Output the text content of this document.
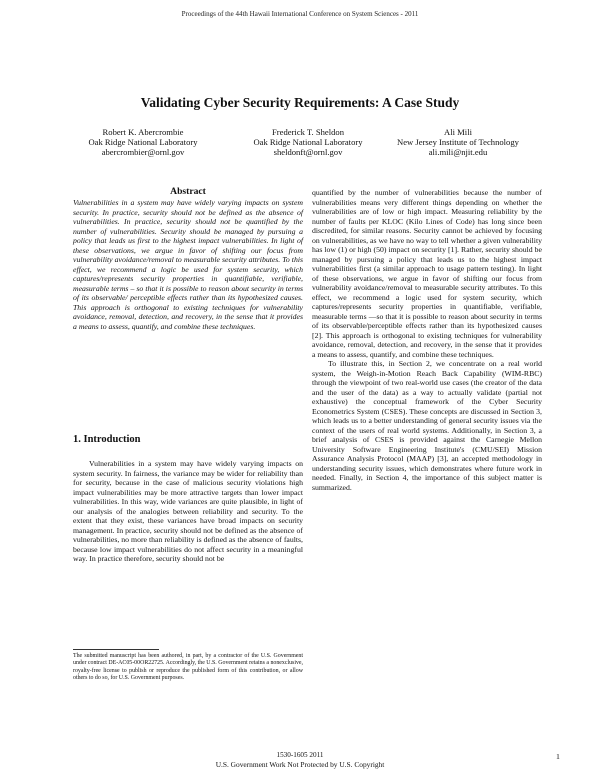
Proceedings of the 44th Hawaii International Conference on System Sciences - 2011
Validating Cyber Security Requirements: A Case Study
Robert K. Abercrombie
Oak Ridge National Laboratory
abercrombier@ornl.gov
Frederick T. Sheldon
Oak Ridge National Laboratory
sheldonft@ornl.gov
Ali Mili
New Jersey Institute of Technology
ali.mili@njit.edu
Abstract
Vulnerabilities in a system may have widely varying impacts on system security. In practice, security should not be defined as the absence of vulnerabilities. In practice, security should not be quantified by the number of vulnerabilities. Security should be managed by pursuing a policy that leads us first to the highest impact vulnerabilities. In light of these observations, we argue in favor of shifting our focus from vulnerability avoidance/removal to measurable security attributes. To this effect, we recommend a logic be used for system security, which captures/represents security properties in quantifiable, verifiable, measurable terms – so that it is possible to reason about security in terms of its observable/ perceptible effects rather than its hypothesized causes. This approach is orthogonal to existing techniques for vulnerability avoidance, removal, detection, and recovery, in the sense that it provides a means to assess, quantify, and combine these techniques.
1. Introduction
Vulnerabilities in a system may have widely varying impacts on system security. In fairness, the variance may be wider for reliability than for security, because in the case of malicious security violations high impact vulnerabilities may be more attractive targets than lower impact vulnerabilities. In this way, wide variances are quite plausible, in light of our analysis of the analogies between reliability and security. To the extent that they exist, these variances have broad impacts on security management. In practice, security should not be defined as the absence of vulnerabilities, no more than reliability is defined as the absence of faults, because low impact vulnerabilities do not affect security in a meaningful way. In practice therefore, security should not be

quantified by the number of vulnerabilities because the number of vulnerabilities means very different things depending on whether the vulnerabilities are of low or high impact. Measuring reliability by the number of faults per KLOC (Kilo Lines of Code) has long since been discredited, for similar reasons. Security cannot be achieved by focusing on vulnerabilities, as we have no way to tell whether a given vulnerability has low (1) or high (50) impact on security [1]. Rather, security should be managed by pursuing a policy that leads us to the highest impact vulnerabilities first (a similar approach to usage pattern testing). In light of these observations, we argue in favor of shifting our focus from vulnerability avoidance/removal to measurable security attributes. To this effect, we recommend a logic used for system security, which captures/represents security properties in quantifiable, verifiable, measurable terms —so that it is possible to reason about security in terms of its observable/perceptible effects rather than its hypothesized causes [2]. This approach is orthogonal to existing techniques for vulnerability avoidance, removal, detection, and recovery, in the sense that it provides a means to assess, quantify, and combine these techniques.

To illustrate this, in Section 2, we concentrate on a real world system, the Weigh-in-Motion Reach Back Capability (WIM-RBC) through the viewpoint of two real-world use cases (the creator of the data and the user of the data) as a way to actually validate (partial not exhaustive) the conceptual framework of the Cyber Security Econometrics System (CSES). These concepts are discussed in Section 3, which leads us to a better understanding of general security issues via the context of the users of real world systems. Additionally, in Section 3, a brief analysis of CSES is provided against the Carnegie Mellon University Software Engineering Institute's (CMU/SEI) Mission Assurance Analysis Protocol (MAAP) [3], an accepted methodology in understanding security issues, which demonstrates where future work in needed. Finally, in Section 4, the importance of this subject matter is summarized.

The submitted manuscript has been authored, in part, by a contractor of the U.S. Government under contract DE-AC05-00OR22725. Accordingly, the U.S. Government retains a nonexclusive, royalty-free license to publish or reproduce the published form of this contribution, or allow others to do so, for U.S. Government purposes.
1530-1605 2011
U.S. Government Work Not Protected by U.S. Copyright
1
